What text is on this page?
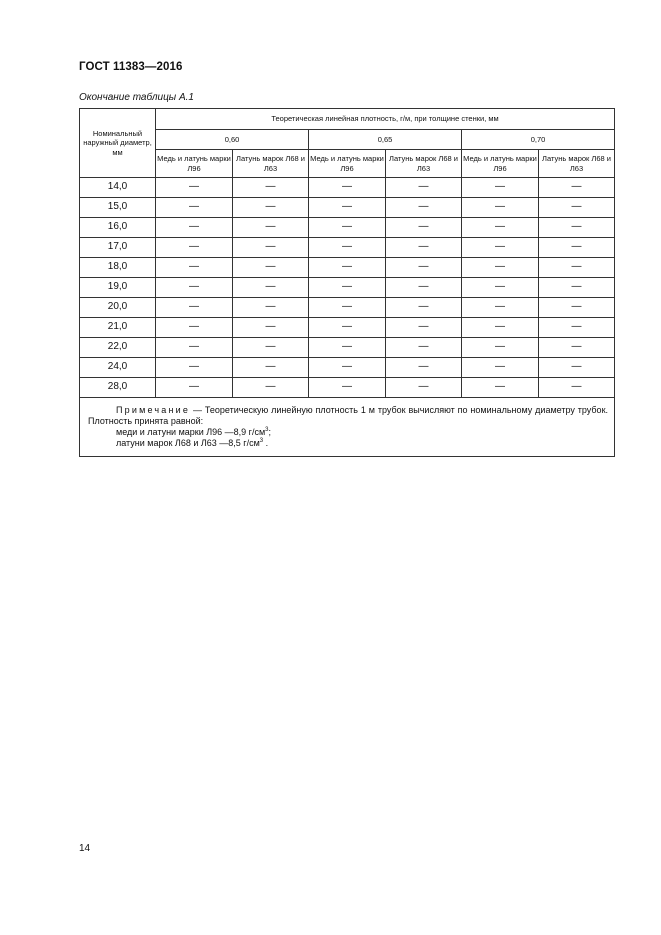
ГОСТ 11383—2016
Окончание таблицы А.1
Номинальный наружный диаметр, мм	Теоретическая линейная плотность, г/м, при толщине стенки, мм					
	0,60		0,65		0,70	
	Медь и латунь марки Л96	Латунь марок Л68 и Л63	Медь и латунь марки Л96	Латунь марок Л68 и Л63	Медь и латунь марки Л96	Латунь марок Л68 и Л63
14,0	—	—	—	—	—	—
15,0	—	—	—	—	—	—
16,0	—	—	—	—	—	—
17,0	—	—	—	—	—	—
18,0	—	—	—	—	—	—
19,0	—	—	—	—	—	—
20,0	—	—	—	—	—	—
21,0	—	—	—	—	—	—
22,0	—	—	—	—	—	—
24,0	—	—	—	—	—	—
28,0	—	—	—	—	—	—

Примечание — Теоретическую линейную плотность 1 м трубок вычисляют по номинальному диаметру трубок. Плотность принята равной:
меди и латуни марки Л96 —8,9 $г/см^3$;
латуни марок Л68 и Л63 —8,5 $г/см^3$ .						
14
